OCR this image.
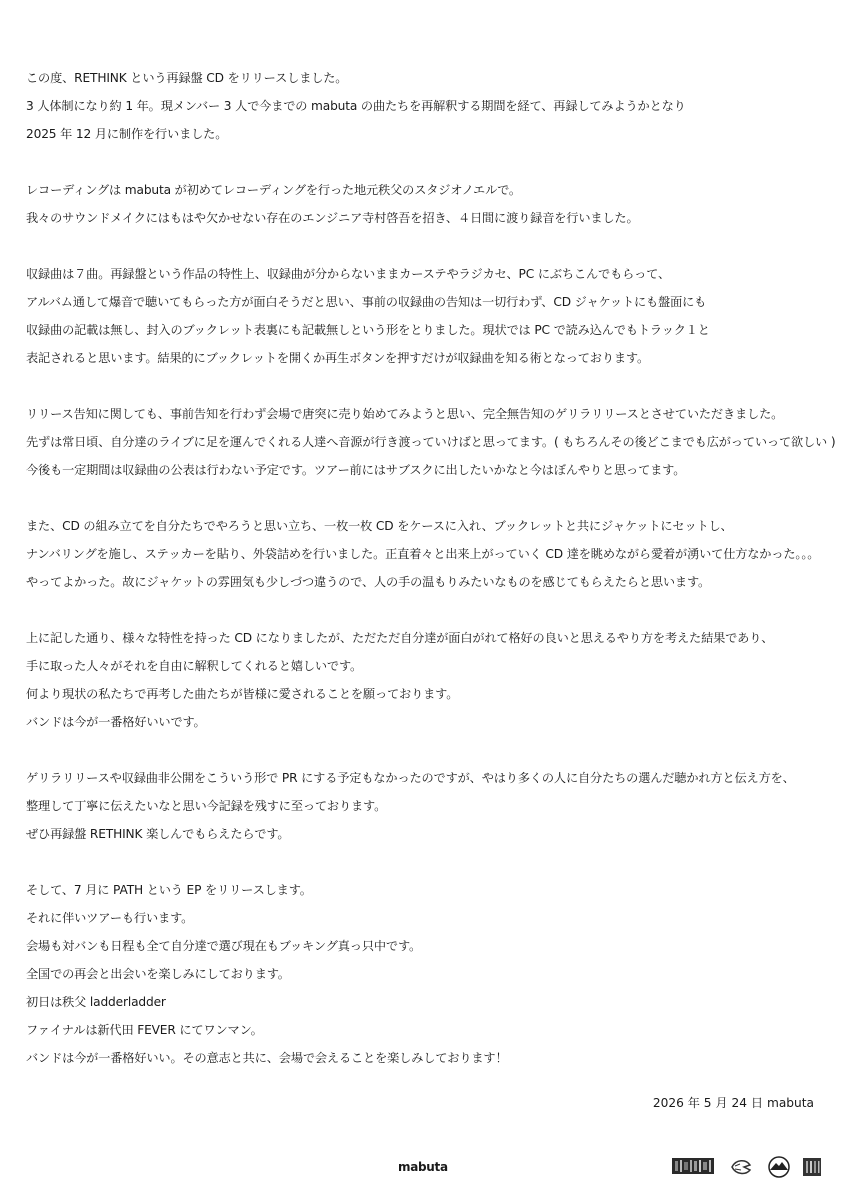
この度、RETHINK という再録盤 CD をリリースしました。
3 人体制になり約 1 年。現メンバー 3 人で今までの mabuta の曲たちを再解釈する期間を経て、再録してみようかとなり
2025 年 12 月に制作を行いました。
レコーディングは mabuta が初めてレコーディングを行った地元秩父のスタジオノエルで。
我々のサウンドメイクにはもはや欠かせない存在のエンジニア寺村啓吾を招き、４日間に渡り録音を行いました。
収録曲は７曲。再録盤という作品の特性上、収録曲が分からないままカーステやラジカセ、PC にぶちこんでもらって、
アルバム通して爆音で聴いてもらった方が面白そうだと思い、事前の収録曲の告知は一切行わず、CD ジャケットにも盤面にも
収録曲の記載は無し、封入のブックレット表裏にも記載無しという形をとりました。現状では PC で読み込んでもトラック１と
表記されると思います。結果的にブックレットを開くか再生ボタンを押すだけが収録曲を知る術となっております。
リリース告知に関しても、事前告知を行わず会場で唐突に売り始めてみようと思い、完全無告知のゲリラリリースとさせていただきました。
先ずは常日頃、自分達のライブに足を運んでくれる人達へ音源が行き渡っていけばと思ってます。( もちろんその後どこまでも広がっていって欲しい )
今後も一定期間は収録曲の公表は行わない予定です。ツアー前にはサブスクに出したいかなと今はぼんやりと思ってます。
また、CD の組み立てを自分たちでやろうと思い立ち、一枚一枚 CD をケースに入れ、ブックレットと共にジャケットにセットし、
ナンバリングを施し、ステッカーを貼り、外袋詰めを行いました。正直着々と出来上がっていく CD 達を眺めながら愛着が湧いて仕方なかった。。。
やってよかった。故にジャケットの雰囲気も少しづつ違うので、人の手の温もりみたいなものを感じてもらえたらと思います。
上に記した通り、様々な特性を持った CD になりましたが、ただただ自分達が面白がれて格好の良いと思えるやり方を考えた結果であり、
手に取った人々がそれを自由に解釈してくれると嬉しいです。
何より現状の私たちで再考した曲たちが皆様に愛されることを願っております。
バンドは今が一番格好いいです。
ゲリラリリースや収録曲非公開をこういう形で PR にする予定もなかったのですが、やはり多くの人に自分たちの選んだ聴かれ方と伝え方を、
整理して丁寧に伝えたいなと思い今記録を残すに至っております。
ぜひ再録盤 RETHINK 楽しんでもらえたらです。
そして、7 月に PATH という EP をリリースします。
それに伴いツアーも行います。
会場も対バンも日程も全て自分達で選び現在もブッキング真っ只中です。
全国での再会と出会いを楽しみにしております。
初日は秩父 ladderladder
ファイナルは新代田 FEVER にてワンマン。
バンドは今が一番格好いい。その意志と共に、会場で会えることを楽しみしております！
2026 年 5 月 24 日 mabuta
mabuta
